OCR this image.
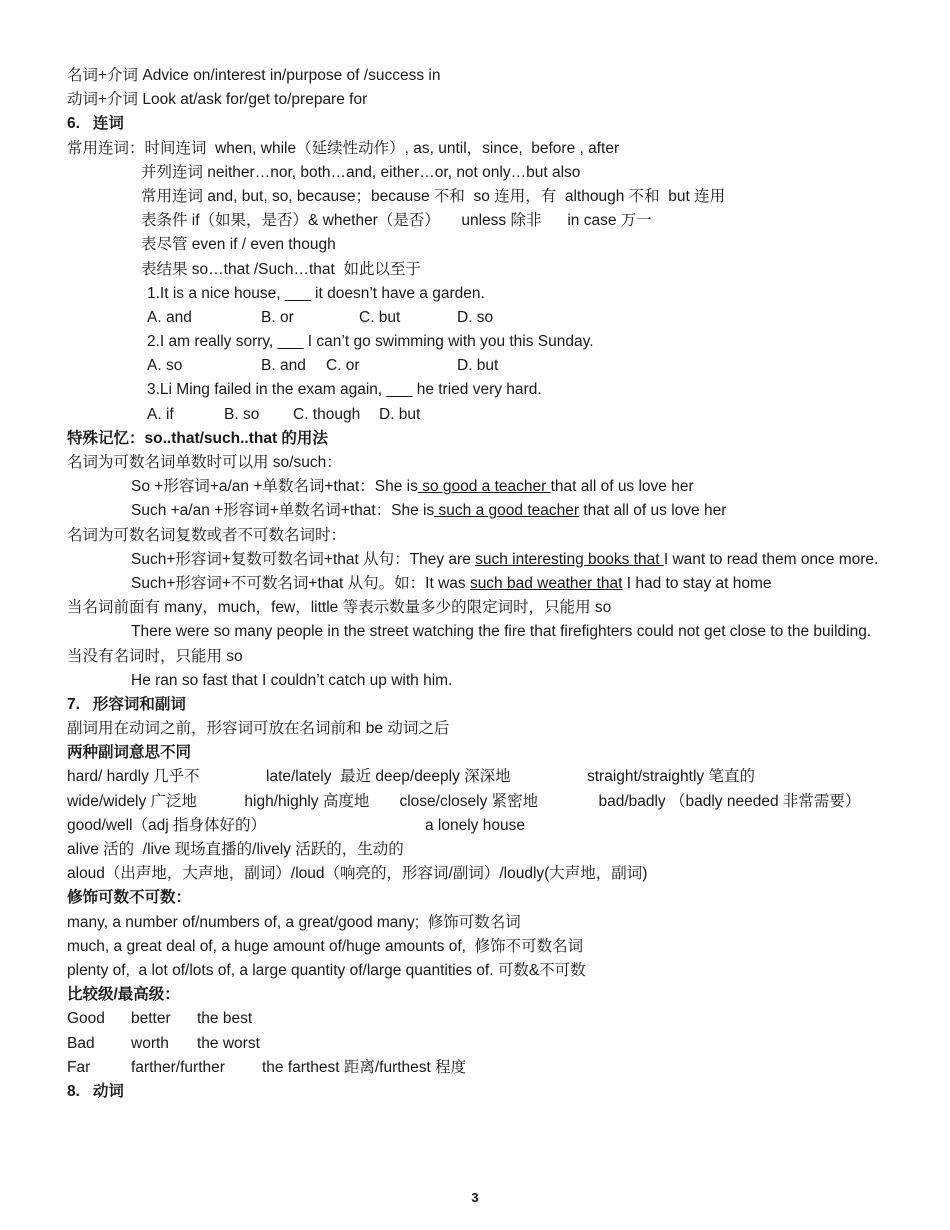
名词+介词 Advice on/interest in/purpose of /success in
动词+介词 Look at/ask for/get to/prepare for
6.   连词
常用连词：时间连词  when, while（延续性动作）, as, until，since,  before , after
并列连词 neither…nor, both…and, either…or, not only…but also
常用连词 and, but, so, because；because 不和  so 连用，有  although 不和  but 连用
表条件 if（如果，是否）& whether（是否）     unless 除非      in case 万一
表尽管 even if / even though
表结果 so…that /Such…that  如此以至于
1.It is a nice house, ___ it doesn’t have a garden.
A. and	B. or	C. but	D. so
2.I am really sorry, ___ I can’t go swimming with you this Sunday.
A. so	B. and C. or	D. but
3.Li Ming failed in the exam again, ___ he tried very hard.
A. if	B. so C. though D. but
特殊记忆：so..that/such..that 的用法
名词为可数名词单数时可以用 so/such：
So +形容词+a/an +单数名词+that：She is so good a teacher that all of us love her
Such +a/an +形容词+单数名词+that：She is such a good teacher that all of us love her
名词为可数名词复数或者不可数名词时：
Such+形容词+复数可数名词+that 从句：They are such interesting books that I want to read them once more.
Such+形容词+不可数名词+that 从句。如：It was such bad weather that I had to stay at home
当名词前面有 many，much，few，little 等表示数量多少的限定词时，只能用 so
There were so many people in the street watching the fire that firefighters could not get close to the building.
当没有名词时，只能用 so
He ran so fast that I couldn’t catch up with him.
7.   形容词和副词
副词用在动词之前，形容词可放在名词前和 be 动词之后
两种副词意思不同
hard/ hardly 几乎不	late/lately  最近 deep/deeply 深深地	straight/straightly 笔直的
wide/widely 广泛地           high/highly 高度地       close/closely 紧密地              bad/badly （badly needed 非常需要）
good/well（adj 指身体好的）	a lonely house
alive 活的  /live 现场直播的/lively 活跃的，生动的
aloud（出声地，大声地，副词）/loud（响亮的，形容词/副词）/loudly(大声地，副词)
修饰可数不可数：
many, a number of/numbers of, a great/good many;  修饰可数名词
much, a great deal of, a huge amount of/huge amounts of,  修饰不可数名词
plenty of,  a lot of/lots of, a large quantity of/large quantities of. 可数&不可数
比较级/最高级：
Good better the best
Bad worth the worst
Far	farther/further the farthest 距离/furthest 程度
8.   动词
3
